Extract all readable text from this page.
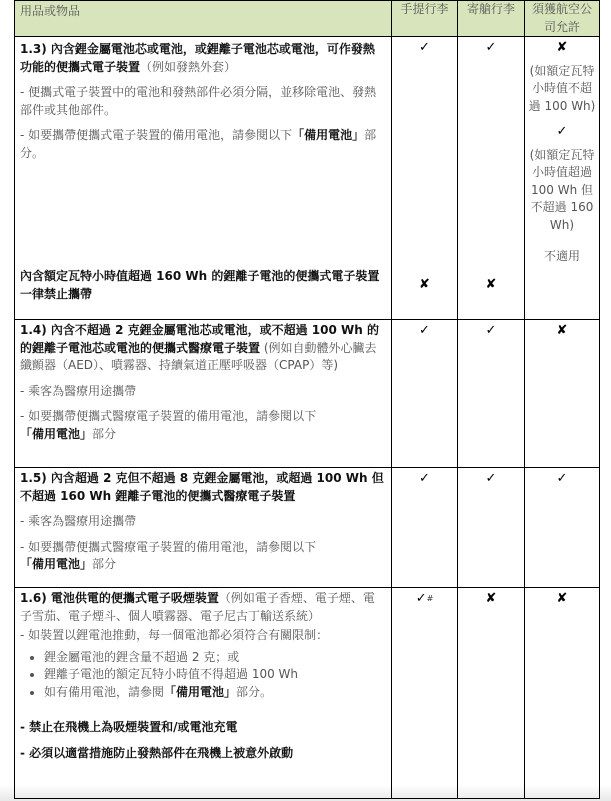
用品或物品	手提行李	寄艙行李	須獲航空公司允許

1.3) 內含鋰金屬電池芯或電池，或鋰離子電池芯或電池，可作發熱功能的便攜式電子裝置（例如發熱外套）
- 便攜式電子裝置中的電池和發熱部件必須分隔，並移除電池、發熱部件或其他部件。
- 如要攜帶便攜式電子裝置的備用電池，請參閱以下「備用電池」部分。
內含額定瓦特小時值超過 160 Wh 的鋰離子電池的便攜式電子裝置一律禁止攜帶

✓
✘

✓
✘

✘
(如額定瓦特小時值不超過 100 Wh)
✓
(如額定瓦特小時值超過 100 Wh 但不超過 160 Wh)
不適用

1.4) 內含不超過 2 克鋰金屬電池芯或電池，或不超過 100 Wh 的的鋰離子電池芯或電池的便攜式醫療電子裝置 (例如自動體外心臟去纖顫器（AED）、噴霧器、持續氣道正壓呼吸器（CPAP）等)
- 乘客為醫療用途攜帶
- 如要攜帶便攜式醫療電子裝置的備用電池，請參閱以下「備用電池」部分

✓	✓	✘

1.5) 內含超過 2 克但不超過 8 克鋰金屬電池，或超過 100 Wh 但不超過 160 Wh 鋰離子電池的便攜式醫療電子裝置
- 乘客為醫療用途攜帶
- 如要攜帶便攜式醫療電子裝置的備用電池，請參閱以下「備用電池」部分

✓	✓	✓

1.6) 電池供電的便攜式電子吸煙裝置（例如電子香煙、電子煙、電子雪茄、電子煙斗、個人噴霧器、電子尼古丁輸送系統）
- 如裝置以鋰電池推動，每一個電池都必須符合有關限制：
• 鋰金屬電池的鋰含量不超過 2 克；或
• 鋰離子電池的額定瓦特小時值不得超過 100 Wh
• 如有備用電池，請參閱「備用電池」部分。
- 禁止在飛機上為吸煙裝置和/或電池充電
- 必須以適當措施防止發熱部件在飛機上被意外啟動
	✓#	✘	✘
